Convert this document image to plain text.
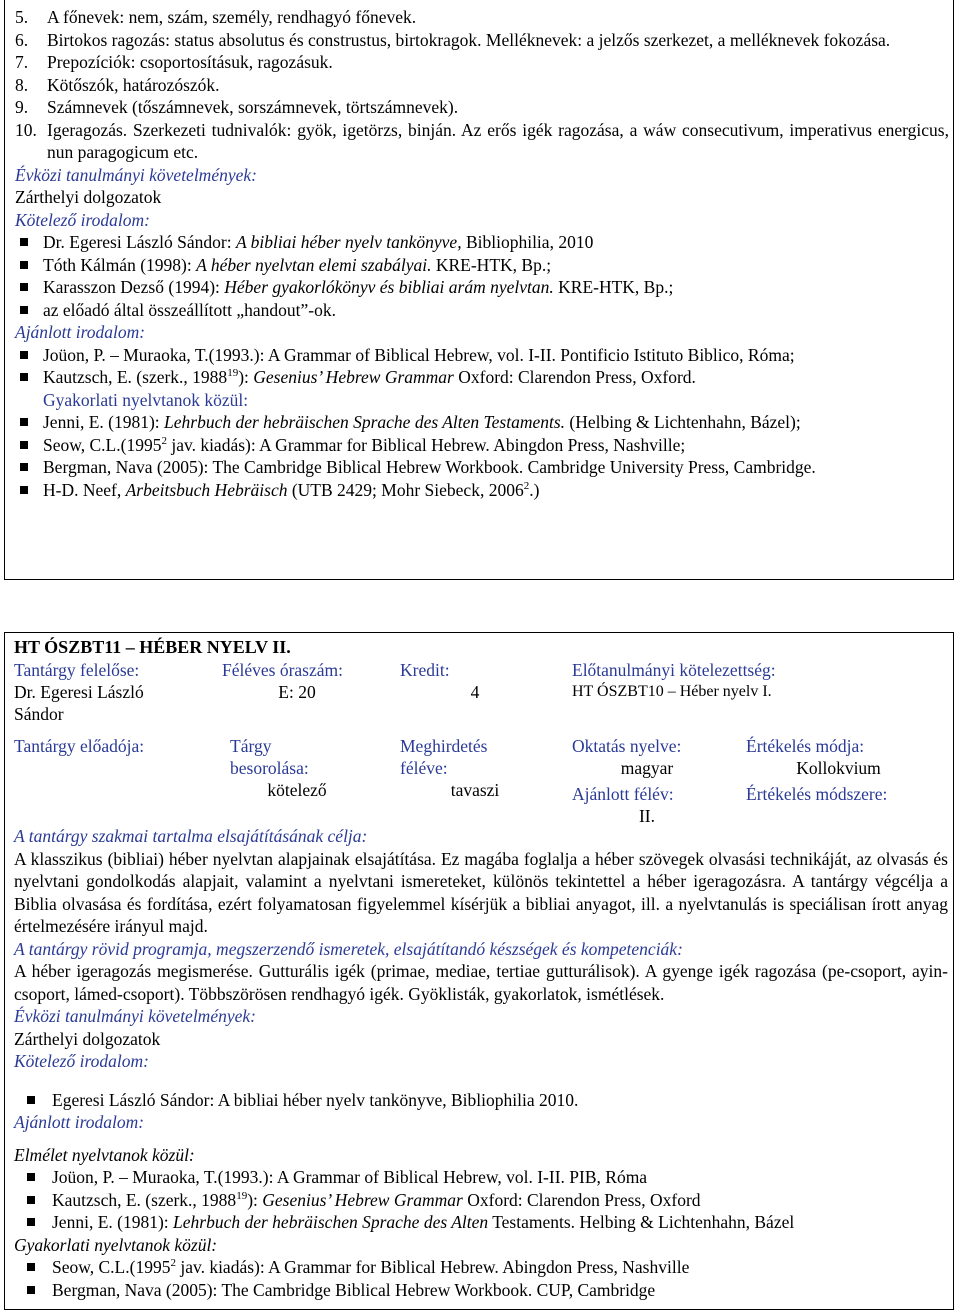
5. A főnevek: nem, szám, személy, rendhagyó főnevek.
6. Birtokos ragozás: status absolutus és construstus, birtokragok. Melléknevek: a jelzős szerkezet, a melléknevek fokozása.
7. Prepozíciók: csoportosításuk, ragozásuk.
8. Kötőszók, határozószók.
9. Számnevek (tőszámnevek, sorszámnevek, törtszámnevek).
10. Igeragozás. Szerkezeti tudnivalók: gyök, igetörzs, binján. Az erős igék ragozása, a wáw consecutivum, imperativus energicus, nun paragogicum etc.
Évközi tanulmányi követelmények:
Zárthelyi dolgozatok
Kötelező irodalom:
Dr. Egeresi László Sándor: A bibliai héber nyelv tankönyve, Bibliophilia, 2010
Tóth Kálmán (1998): A héber nyelvtan elemi szabályai. KRE-HTK, Bp.;
Karasszon Dezső (1994): Héber gyakorlókönyv és bibliai arám nyelvtan. KRE-HTK, Bp.;
az előadó által összeállított „handout”-ok.
Ajánlott irodalom:
Joüon, P. – Muraoka, T.(1993.): A Grammar of Biblical Hebrew, vol. I-II. Pontificio Istituto Biblico, Róma;
Kautzsch, E. (szerk., 1988$^{19}$): Gesenius’ Hebrew Grammar Oxford: Clarendon Press, Oxford.
Gyakorlati nyelvtanok közül:
Jenni, E. (1981): Lehrbuch der hebräischen Sprache des Alten Testaments. (Helbing & Lichtenhahn, Bázel);
Seow, C.L.(1995$^2$ jav. kiadás): A Grammar for Biblical Hebrew. Abingdon Press, Nashville;
Bergman, Nava (2005): The Cambridge Biblical Hebrew Workbook. Cambridge University Press, Cambridge.
H-D. Neef, Arbeitsbuch Hebräisch (UTB 2429; Mohr Siebeck, 2006$^2$.)
HT ÓSZBT11 – HÉBER NYELV II.
Tantárgy felelőse:
Dr. Egeresi László
Sándor
Féléves óraszám:
E: 20
Kredit:
4
Előtanulmányi kötelezettség:
HT ÓSZBT10 – Héber nyelv I.
Tantárgy előadója:	Tárgy
besorolása:
kötelező
Meghirdetés
féléve:
tavaszi
Oktatás nyelve:
magyar
Ajánlott félév:
II.
Értékelés módja:
Kollokvium
Értékelés módszere:
A tantárgy szakmai tartalma elsajátításának célja:

A klasszikus (bibliai) héber nyelvtan alapjainak elsajátítása. Ez magába foglalja a héber szövegek olvasási technikáját, az olvasás és nyelvtani gondolkodás alapjait, valamint a nyelvtani ismereteket, különös tekintettel a héber igeragozásra. A tantárgy végcélja a Biblia olvasása és fordítása, ezért folyamatosan figyelemmel kísérjük a bibliai anyagot, ill. a nyelvtanulás is speciálisan írott anyag értelmezésére irányul majd.

A tantárgy rövid programja, megszerzendő ismeretek, elsajátítandó készségek és kompetenciák:

A héber igeragozás megismerése. Gutturális igék (primae, mediae, tertiae gutturálisok). A gyenge igék ragozása (pe-csoport, ayin-csoport, lámed-csoport). Többszörösen rendhagyó igék. Gyöklisták, gyakorlatok, ismétlések.

Évközi tanulmányi követelmények:
Zárthelyi dolgozatok
Kötelező irodalom:
Egeresi László Sándor: A bibliai héber nyelv tankönyve, Bibliophilia 2010.
Ajánlott irodalom:
Elmélet nyelvtanok közül:
Joüon, P. – Muraoka, T.(1993.): A Grammar of Biblical Hebrew, vol. I-II. PIB, Róma
Kautzsch, E. (szerk., 1988$^{19}$): Gesenius’ Hebrew Grammar Oxford: Clarendon Press, Oxford
Jenni, E. (1981): Lehrbuch der hebräischen Sprache des Alten Testaments. Helbing & Lichtenhahn, Bázel
Gyakorlati nyelvtanok közül:
Seow, C.L.(1995$^2$ jav. kiadás): A Grammar for Biblical Hebrew. Abingdon Press, Nashville
Bergman, Nava (2005): The Cambridge Biblical Hebrew Workbook. CUP, Cambridge
